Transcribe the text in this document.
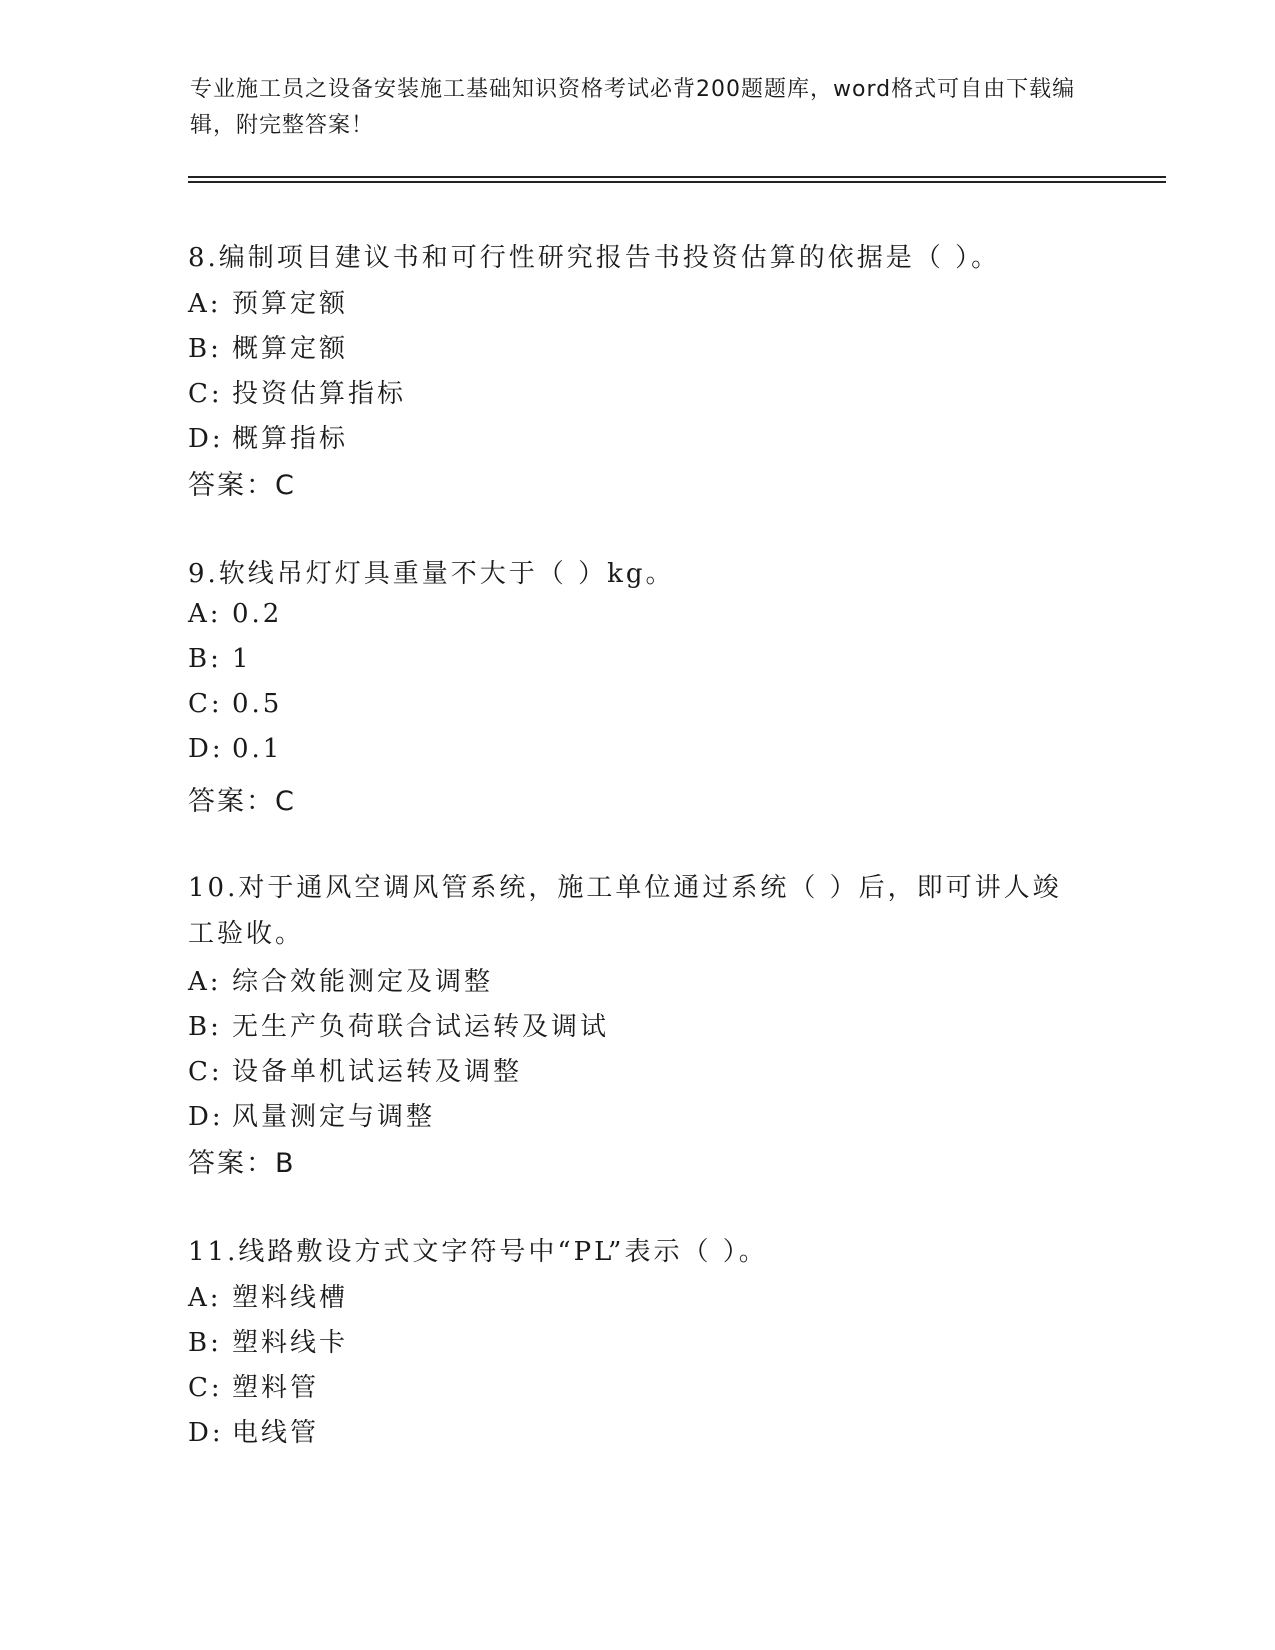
专业施工员之设备安装施工基础知识资格考试必背200题题库，word格式可自由下载编辑，附完整答案！
8.编制项目建议书和可行性研究报告书投资估算的依据是（ ）。
A: 预算定额
B: 概算定额
C: 投资估算指标
D: 概算指标
答案：C
9.软线吊灯灯具重量不大于（ ）kg。
A: 0.2
B: 1
C: 0.5
D: 0.1
答案：C
10.对于通风空调风管系统，施工单位通过系统（ ）后，即可讲人竣工验收。
A: 综合效能测定及调整
B: 无生产负荷联合试运转及调试
C: 设备单机试运转及调整
D: 风量测定与调整
答案：B
11.线路敷设方式文字符号中“PL”表示（ ）。
A: 塑料线槽
B: 塑料线卡
C: 塑料管
D: 电线管
